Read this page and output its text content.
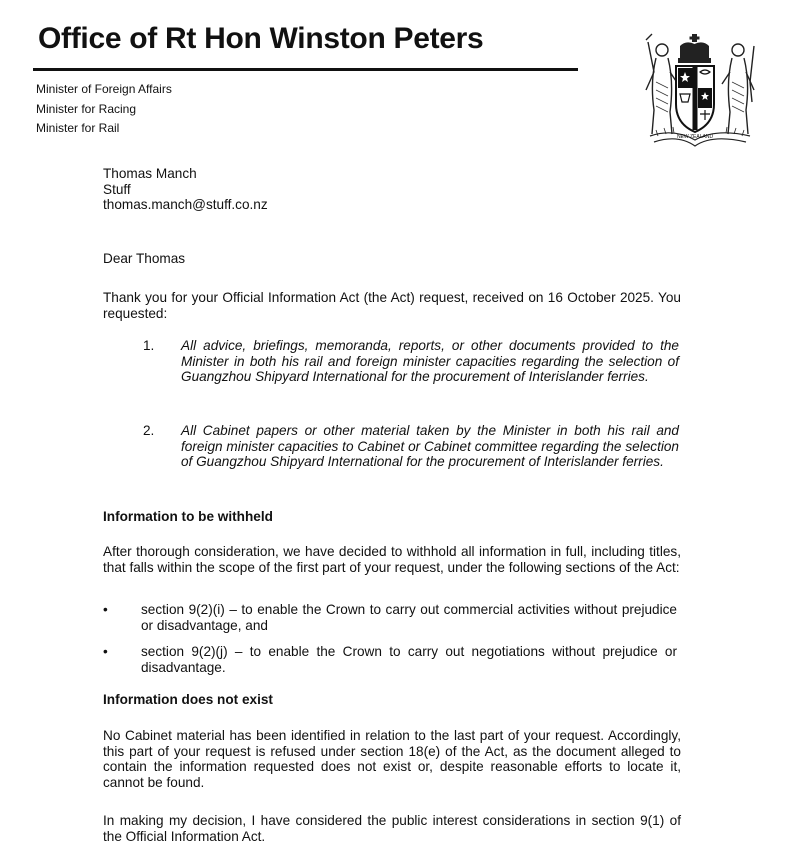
Office of Rt Hon Winston Peters
Minister of Foreign Affairs
Minister for Racing
Minister for Rail
NEW ZEALAND
Thomas Manch
Stuff
thomas.manch@stuff.co.nz
Dear Thomas
Thank you for your Official Information Act (the Act) request, received on 16 October 2025. You requested:
1. All advice, briefings, memoranda, reports, or other documents provided to the Minister in both his rail and foreign minister capacities regarding the selection of Guangzhou Shipyard International for the procurement of Interislander ferries.
2. All Cabinet papers or other material taken by the Minister in both his rail and foreign minister capacities to Cabinet or Cabinet committee regarding the selection of Guangzhou Shipyard International for the procurement of Interislander ferries.
Information to be withheld
After thorough consideration, we have decided to withhold all information in full, including titles, that falls within the scope of the first part of your request, under the following sections of the Act:
• section 9(2)(i) – to enable the Crown to carry out commercial activities without prejudice or disadvantage, and
• section 9(2)(j) – to enable the Crown to carry out negotiations without prejudice or disadvantage.
Information does not exist
No Cabinet material has been identified in relation to the last part of your request. Accordingly, this part of your request is refused under section 18(e) of the Act, as the document alleged to contain the information requested does not exist or, despite reasonable efforts to locate it, cannot be found.
In making my decision, I have considered the public interest considerations in section 9(1) of the Official Information Act.
